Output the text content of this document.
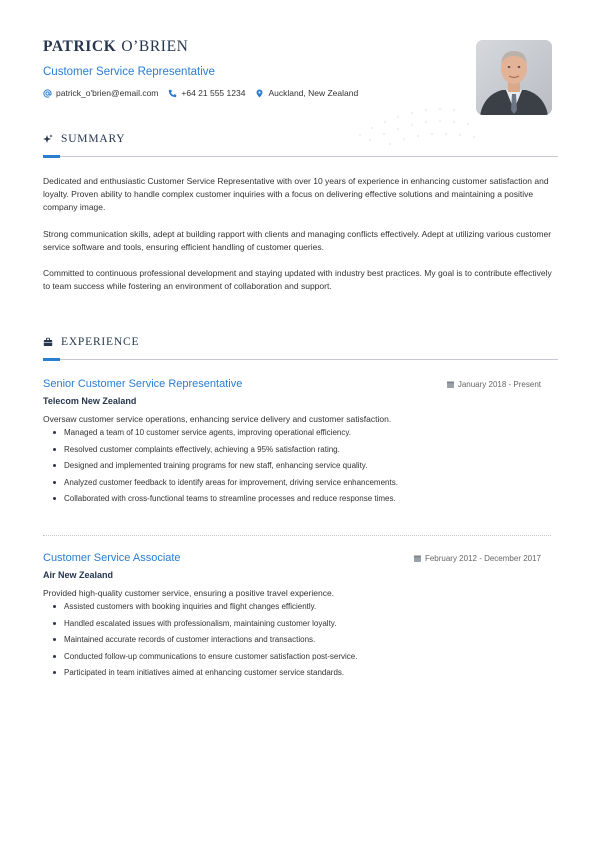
PATRICK O’BRIEN
Customer Service Representative
patrick_o'brien@email.com	+64 21 555 1234	Auckland, New Zealand
SUMMARY

Dedicated and enthusiastic Customer Service Representative with over 10 years of experience in enhancing customer satisfaction and loyalty. Proven ability to handle complex customer inquiries with a focus on delivering effective solutions and maintaining a positive company image.

Strong communication skills, adept at building rapport with clients and managing conflicts effectively. Adept at utilizing various customer service software and tools, ensuring efficient handling of customer queries.

Committed to continuous professional development and staying updated with industry best practices. My goal is to contribute effectively to team success while fostering an environment of collaboration and support.

EXPERIENCE
Senior Customer Service Representative	January 2018 - Present
Telecom New Zealand
Oversaw customer service operations, enhancing service delivery and customer satisfaction.
Managed a team of 10 customer service agents, improving operational efficiency.
Resolved customer complaints effectively, achieving a 95% satisfaction rating.
Designed and implemented training programs for new staff, enhancing service quality.
Analyzed customer feedback to identify areas for improvement, driving service enhancements.
Collaborated with cross-functional teams to streamline processes and reduce response times.
Customer Service Associate	February 2012 - December 2017
Air New Zealand
Provided high-quality customer service, ensuring a positive travel experience.
Assisted customers with booking inquiries and flight changes efficiently.
Handled escalated issues with professionalism, maintaining customer loyalty.
Maintained accurate records of customer interactions and transactions.
Conducted follow-up communications to ensure customer satisfaction post-service.
Participated in team initiatives aimed at enhancing customer service standards.
